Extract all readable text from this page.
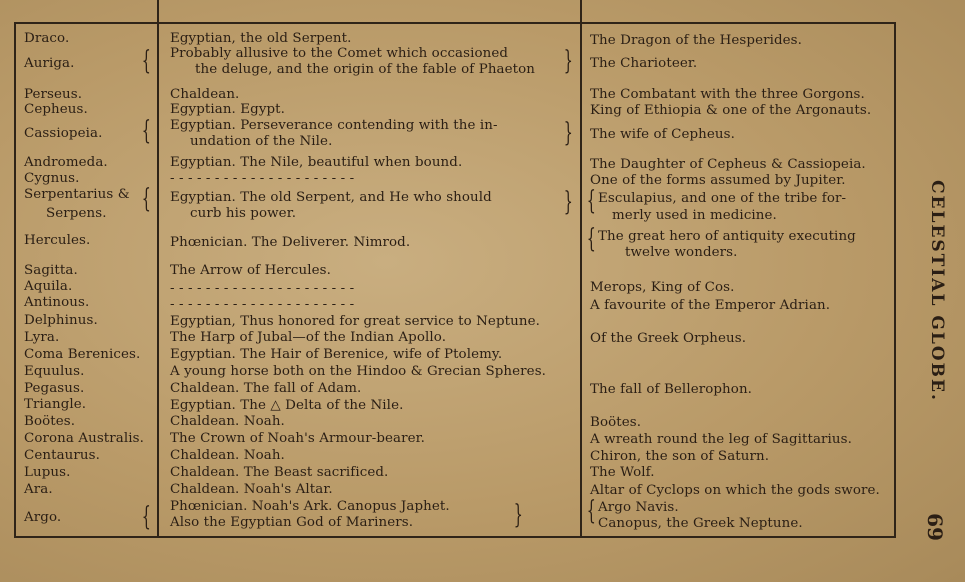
Draco.
Auriga.
Perseus.
Cepheus.
Cassiopeia.
Andromeda.
Cygnus.
Serpentarius &
Serpens.
Hercules.
Sagitta.
Aquila.
Antinous.
Delphinus.
Lyra.
Coma Berenices.
Equulus.
Pegasus.
Triangle.
Boötes.
Corona Australis.
Centaurus.
Lupus.
Ara.
Argo.
{
{
{
{
Egyptian, the old Serpent.
Probably allusive to the Comet which occasioned
the deluge, and the origin of the fable of Phaeton
Chaldean.
Egyptian. Egypt.
Egyptian. Perseverance contending with the in-
undation of the Nile.
Egyptian. The Nile, beautiful when bound.
- - - - - - - - - - - - - - - - - - - - -
Egyptian. The old Serpent, and He who should
curb his power.
Phœnician. The Deliverer. Nimrod.
The Arrow of Hercules.
- - - - - - - - - - - - - - - - - - - - -
- - - - - - - - - - - - - - - - - - - - -
Egyptian, Thus honored for great service to Neptune.
The Harp of Jubal—of the Indian Apollo.
Egyptian. The Hair of Berenice, wife of Ptolemy.
A young horse both on the Hindoo & Grecian Spheres.
Chaldean. The fall of Adam.
Egyptian. The △ Delta of the Nile.
Chaldean. Noah.
The Crown of Noah's Armour-bearer.
Chaldean. Noah.
Chaldean. The Beast sacrificed.
Chaldean. Noah's Altar.
Phœnician. Noah's Ark. Canopus Japhet.
Also the Egyptian God of Mariners.
}
}
}
}
The Dragon of the Hesperides.
The Charioteer.
The Combatant with the three Gorgons.
King of Ethiopia & one of the Argonauts.
The wife of Cepheus.
The Daughter of Cepheus & Cassiopeia.
One of the forms assumed by Jupiter.
Esculapius, and one of the tribe for-
merly used in medicine.
The great hero of antiquity executing
twelve wonders.
Merops, King of Cos.
A favourite of the Emperor Adrian.
Of the Greek Orpheus.
The fall of Bellerophon.
Boötes.
A wreath round the leg of Sagittarius.
Chiron, the son of Saturn.
The Wolf.
Altar of Cyclops on which the gods swore.
Argo Navis.
Canopus, the Greek Neptune.
{
{
{
CELESTIAL GLOBE.
69
